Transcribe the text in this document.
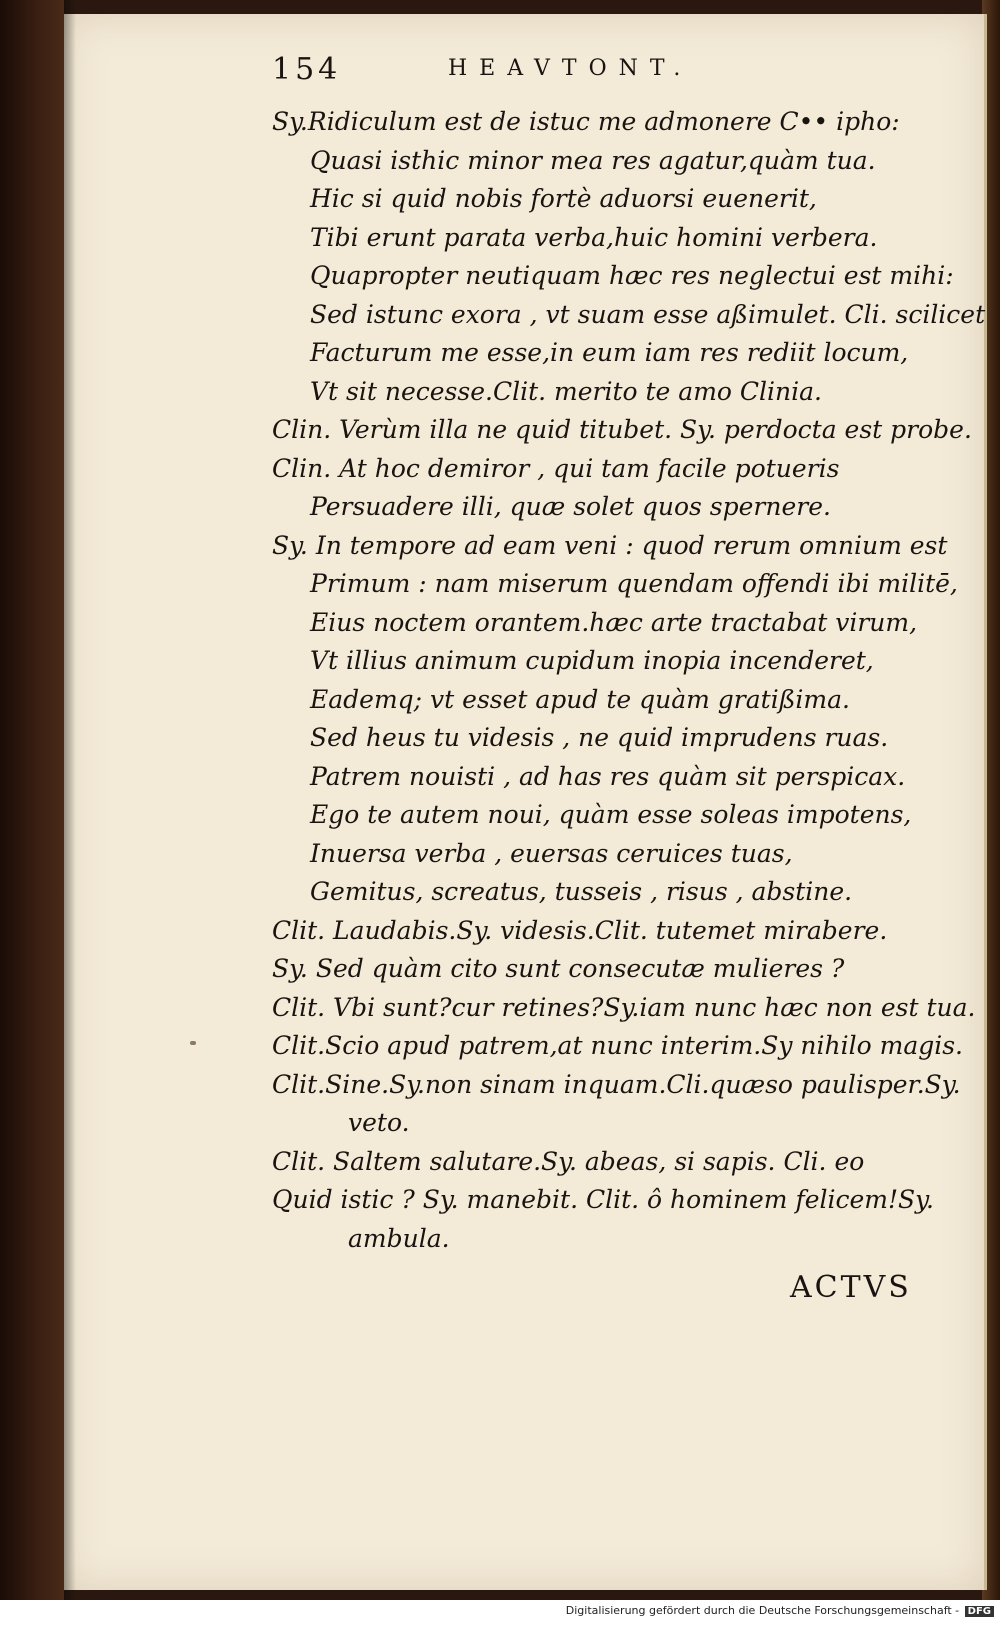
154	HEAVTONT.
Sy.Ridiculum est de istuc me admonere C•• ipho:
Quasi isthic minor mea res agatur,quàm tua.
Hic si quid nobis fortè aduorsi euenerit,
Tibi erunt parata verba,huic homini verbera.
Quapropter neutiquam hæc res neglectui est mihi:
Sed istunc exora , vt suam esse aßimulet. Cli. scilicet
Facturum me esse,in eum iam res rediit locum,
Vt sit necesse.Clit. merito te amo Clinia.
Clin. Verùm illa ne quid titubet. Sy. perdocta est probe.
Clin. At hoc demiror , qui tam facile potueris
Persuadere illi, quæ solet quos spernere.
Sy. In tempore ad eam veni : quod rerum omnium est
Primum : nam miserum quendam offendi ibi militē,
Eius noctem orantem.hæc arte tractabat virum,
Vt illius animum cupidum inopia incenderet,
Eademq; vt esset apud te quàm gratißima.
Sed heus tu videsis , ne quid imprudens ruas.
Patrem nouisti , ad has res quàm sit perspicax.
Ego te autem noui, quàm esse soleas impotens,
Inuersa verba , euersas ceruices tuas,
Gemitus, screatus, tusseis , risus , abstine.
Clit. Laudabis.Sy. videsis.Clit. tutemet mirabere.
Sy. Sed quàm cito sunt consecutæ mulieres ?
Clit. Vbi sunt?cur retines?Sy.iam nunc hæc non est tua.
Clit.Scio apud patrem,at nunc interim.Sy nihilo magis.
Clit.Sine.Sy.non sinam inquam.Cli.quæso paulisper.Sy.
veto.
Clit. Saltem salutare.Sy. abeas, si sapis. Cli. eo
Quid istic ? Sy. manebit. Clit. ô hominem felicem!Sy.
ambula.
ACTVS
Digitalisierung gefördert durch die Deutsche Forschungsgemeinschaft - DFG
